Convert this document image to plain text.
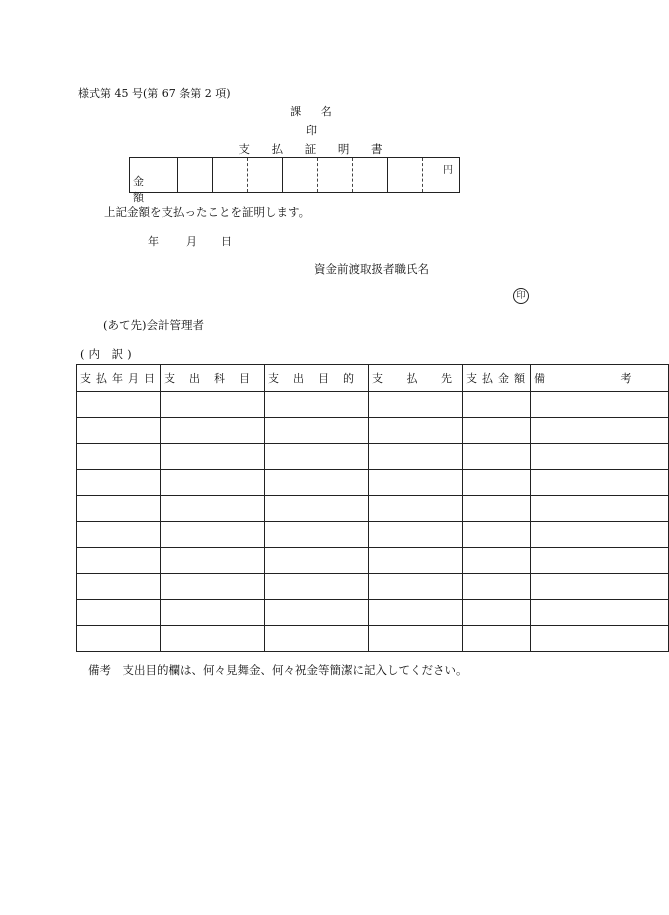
様式第 45 号(第 67 条第 2 項)
課 名
印
支 払 証 明 書
金 額
円
上記金額を支払ったことを証明します。
年 月 日
資金前渡取扱者職氏名
印
(あて先)会計管理者
(内 訳)
支払年月日	支出科目	支出目的	支 払 先	支払金額	備 考

備考　支出目的欄は、何々見舞金、何々祝金等簡潔に記入してください。
